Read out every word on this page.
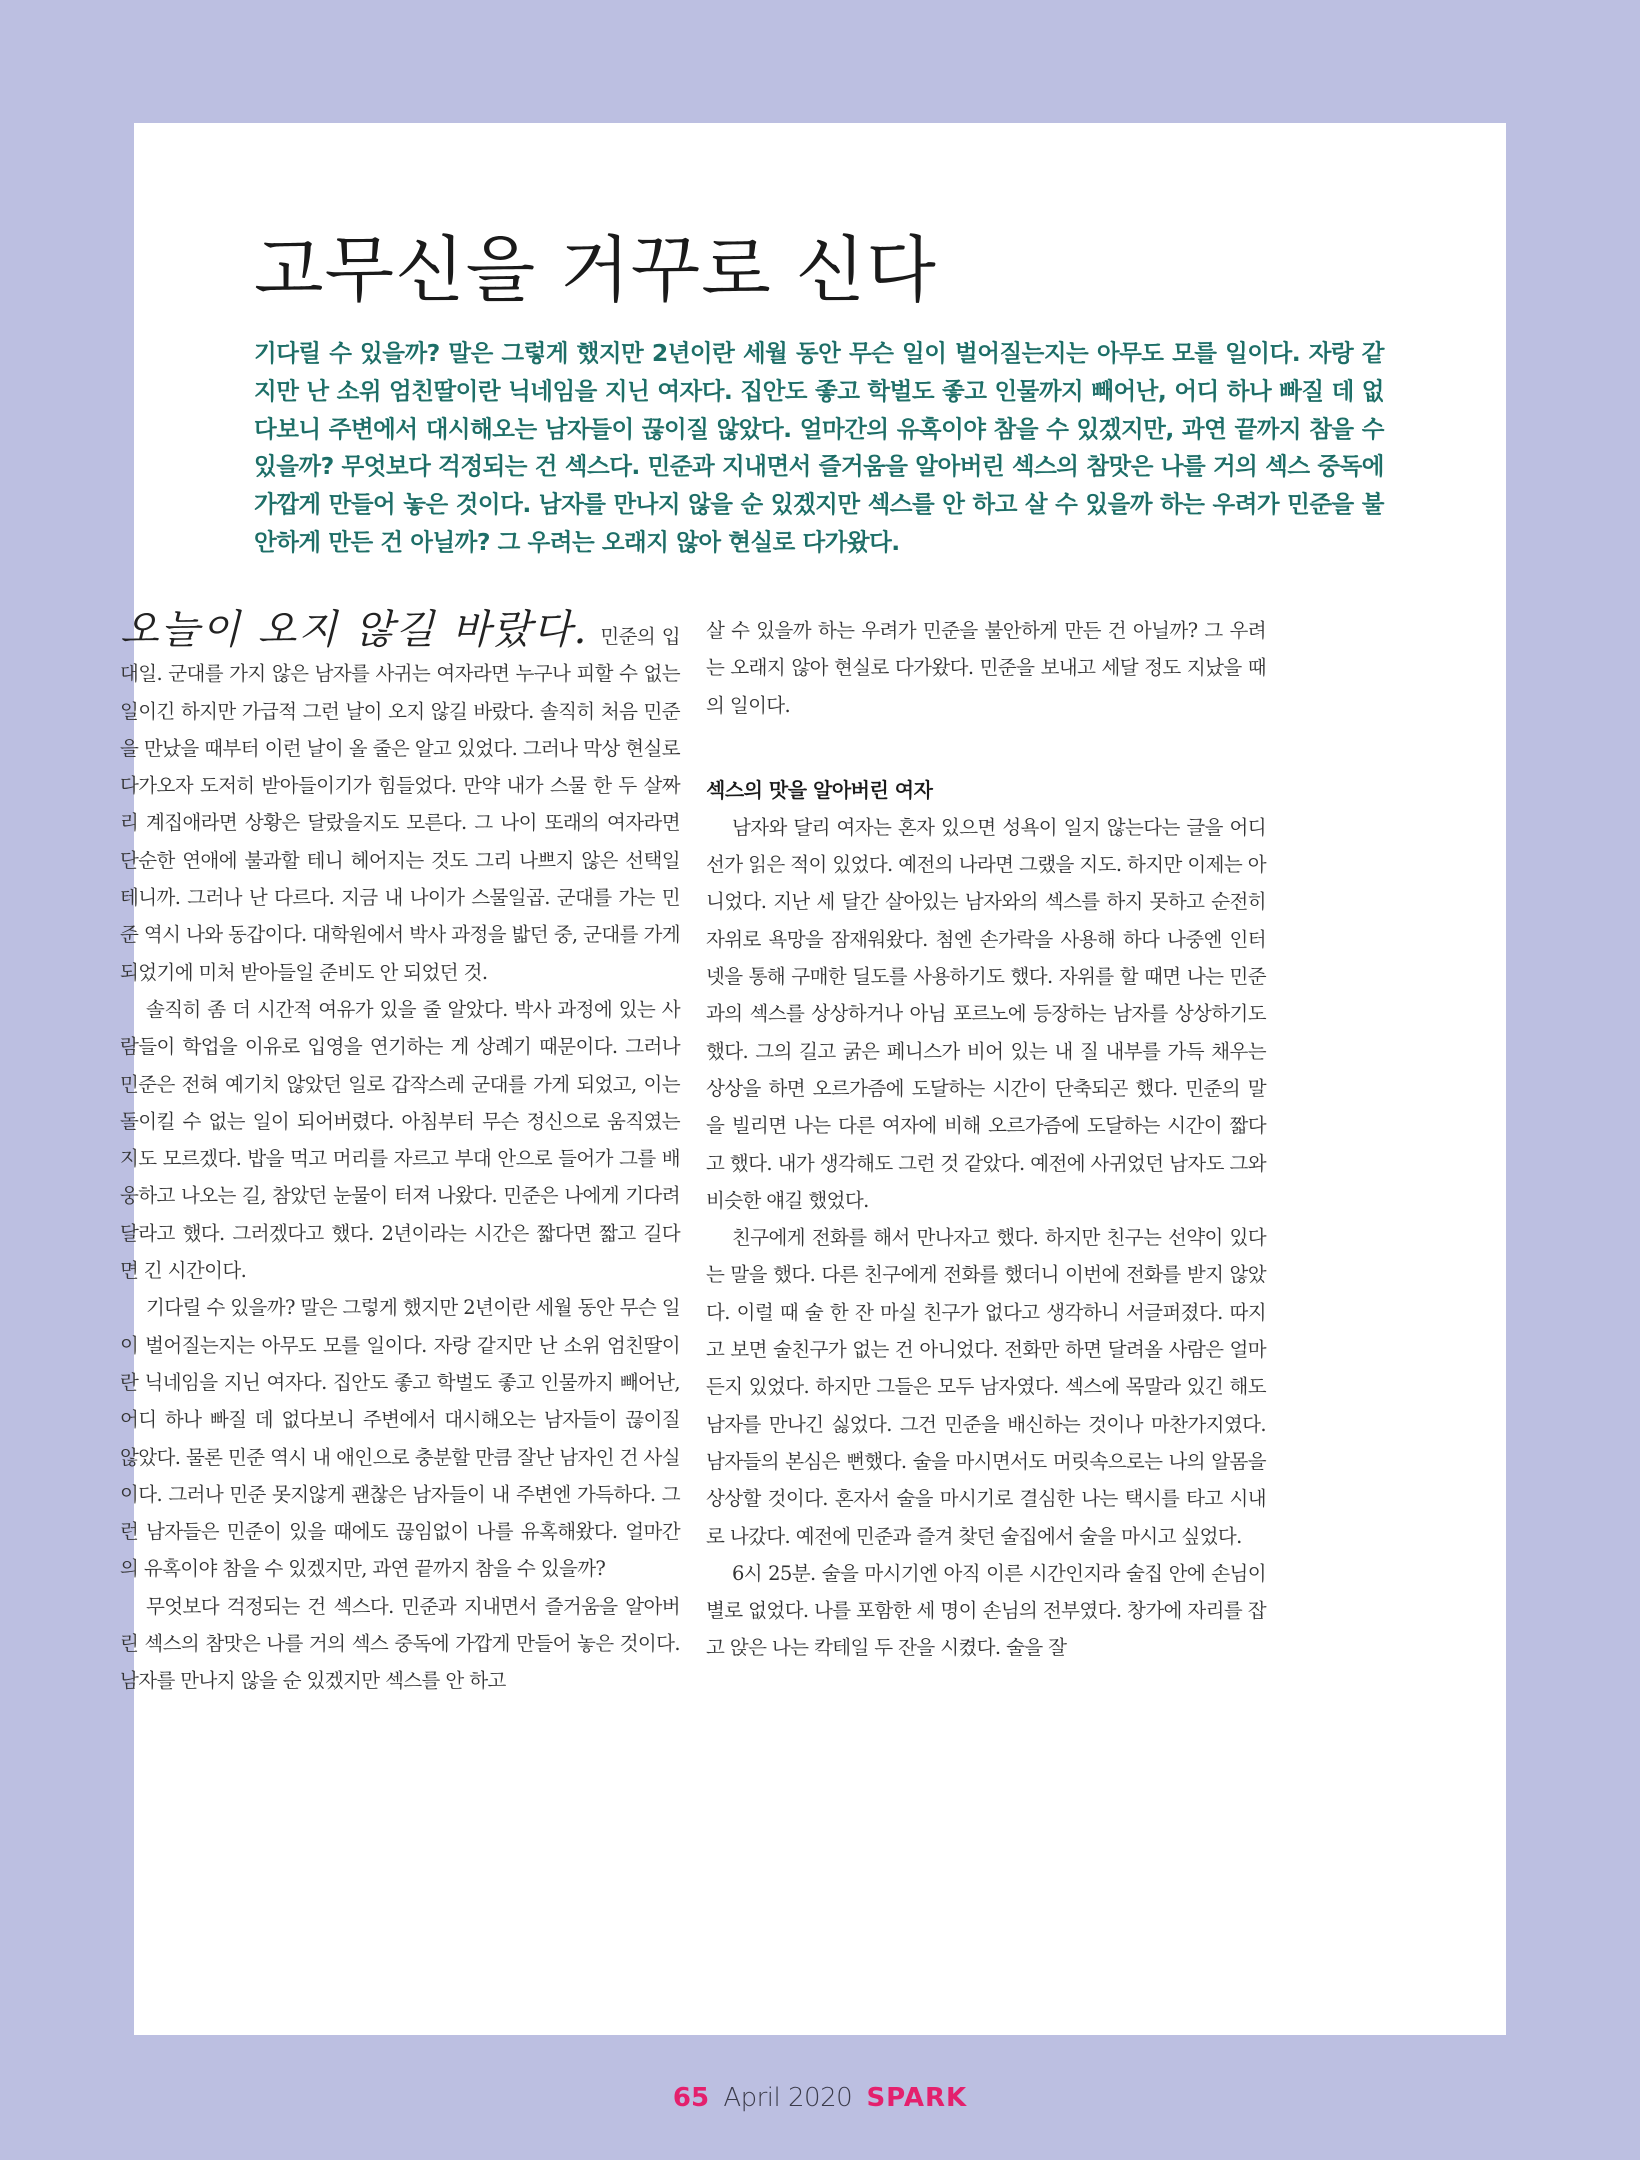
고무신을 거꾸로 신다

기다릴 수 있을까? 말은 그렇게 했지만 2년이란 세월 동안 무슨 일이 벌어질는지는 아무도 모를 일이다. 자랑 같지만 난 소위 엄친딸이란 닉네임을 지닌 여자다. 집안도 좋고 학벌도 좋고 인물까지 빼어난, 어디 하나 빠질 데 없다보니 주변에서 대시해오는 남자들이 끊이질 않았다. 얼마간의 유혹이야 참을 수 있겠지만, 과연 끝까지 참을 수 있을까? 무엇보다 걱정되는 건 섹스다. 민준과 지내면서 즐거움을 알아버린 섹스의 참맛은 나를 거의 섹스 중독에 가깝게 만들어 놓은 것이다. 남자를 만나지 않을 순 있겠지만 섹스를 안 하고 살 수 있을까 하는 우려가 민준을 불안하게 만든 건 아닐까? 그 우려는 오래지 않아 현실로 다가왔다.

오늘이 오지 않길 바랐다. 민준의 입대일. 군대를 가지 않은 남자를 사귀는 여자라면 누구나 피할 수 없는 일이긴 하지만 가급적 그런 날이 오지 않길 바랐다. 솔직히 처음 민준을 만났을 때부터 이런 날이 올 줄은 알고 있었다. 그러나 막상 현실로 다가오자 도저히 받아들이기가 힘들었다. 만약 내가 스물 한 두 살짜리 계집애라면 상황은 달랐을지도 모른다. 그 나이 또래의 여자라면 단순한 연애에 불과할 테니 헤어지는 것도 그리 나쁘지 않은 선택일 테니까. 그러나 난 다르다. 지금 내 나이가 스물일곱. 군대를 가는 민준 역시 나와 동갑이다. 대학원에서 박사 과정을 밟던 중, 군대를 가게 되었기에 미처 받아들일 준비도 안 되었던 것.

솔직히 좀 더 시간적 여유가 있을 줄 알았다. 박사 과정에 있는 사람들이 학업을 이유로 입영을 연기하는 게 상례기 때문이다. 그러나 민준은 전혀 예기치 않았던 일로 갑작스레 군대를 가게 되었고, 이는 돌이킬 수 없는 일이 되어버렸다. 아침부터 무슨 정신으로 움직였는지도 모르겠다. 밥을 먹고 머리를 자르고 부대 안으로 들어가 그를 배웅하고 나오는 길, 참았던 눈물이 터져 나왔다. 민준은 나에게 기다려달라고 했다. 그러겠다고 했다. 2년이라는 시간은 짧다면 짧고 길다면 긴 시간이다.

기다릴 수 있을까? 말은 그렇게 했지만 2년이란 세월 동안 무슨 일이 벌어질는지는 아무도 모를 일이다. 자랑 같지만 난 소위 엄친딸이란 닉네임을 지닌 여자다. 집안도 좋고 학벌도 좋고 인물까지 빼어난, 어디 하나 빠질 데 없다보니 주변에서 대시해오는 남자들이 끊이질 않았다. 물론 민준 역시 내 애인으로 충분할 만큼 잘난 남자인 건 사실이다. 그러나 민준 못지않게 괜찮은 남자들이 내 주변엔 가득하다. 그런 남자들은 민준이 있을 때에도 끊임없이 나를 유혹해왔다. 얼마간의 유혹이야 참을 수 있겠지만, 과연 끝까지 참을 수 있을까?

무엇보다 걱정되는 건 섹스다. 민준과 지내면서 즐거움을 알아버린 섹스의 참맛은 나를 거의 섹스 중독에 가깝게 만들어 놓은 것이다. 남자를 만나지 않을 순 있겠지만 섹스를 안 하고

살 수 있을까 하는 우려가 민준을 불안하게 만든 건 아닐까? 그 우려는 오래지 않아 현실로 다가왔다. 민준을 보내고 세달 정도 지났을 때의 일이다.

섹스의 맛을 알아버린 여자

남자와 달리 여자는 혼자 있으면 성욕이 일지 않는다는 글을 어디선가 읽은 적이 있었다. 예전의 나라면 그랬을 지도. 하지만 이제는 아니었다. 지난 세 달간 살아있는 남자와의 섹스를 하지 못하고 순전히 자위로 욕망을 잠재워왔다. 첨엔 손가락을 사용해 하다 나중엔 인터넷을 통해 구매한 딜도를 사용하기도 했다. 자위를 할 때면 나는 민준과의 섹스를 상상하거나 아님 포르노에 등장하는 남자를 상상하기도 했다. 그의 길고 굵은 페니스가 비어 있는 내 질 내부를 가득 채우는 상상을 하면 오르가즘에 도달하는 시간이 단축되곤 했다. 민준의 말을 빌리면 나는 다른 여자에 비해 오르가즘에 도달하는 시간이 짧다고 했다. 내가 생각해도 그런 것 같았다. 예전에 사귀었던 남자도 그와 비슷한 얘길 했었다.

친구에게 전화를 해서 만나자고 했다. 하지만 친구는 선약이 있다는 말을 했다. 다른 친구에게 전화를 했더니 이번에 전화를 받지 않았다. 이럴 때 술 한 잔 마실 친구가 없다고 생각하니 서글퍼졌다. 따지고 보면 술친구가 없는 건 아니었다. 전화만 하면 달려올 사람은 얼마든지 있었다. 하지만 그들은 모두 남자였다. 섹스에 목말라 있긴 해도 남자를 만나긴 싫었다. 그건 민준을 배신하는 것이나 마찬가지였다. 남자들의 본심은 뻔했다. 술을 마시면서도 머릿속으로는 나의 알몸을 상상할 것이다. 혼자서 술을 마시기로 결심한 나는 택시를 타고 시내로 나갔다. 예전에 민준과 즐겨 찾던 술집에서 술을 마시고 싶었다.

6시 25분. 술을 마시기엔 아직 이른 시간인지라 술집 안에 손님이 별로 없었다. 나를 포함한 세 명이 손님의 전부였다. 창가에 자리를 잡고 앉은 나는 칵테일 두 잔을 시켰다. 술을 잘

65 April 2020 SPARK
